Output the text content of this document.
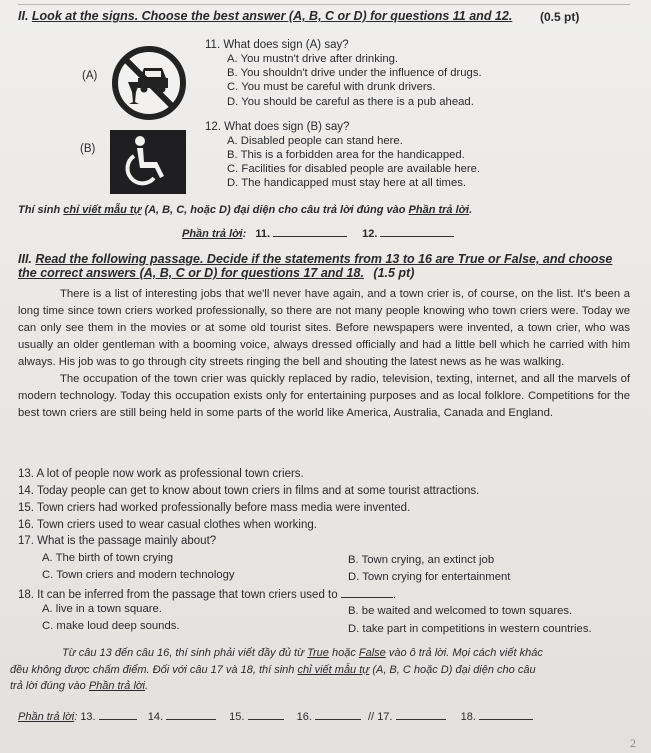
II. Look at the signs. Choose the best answer (A, B, C or D) for questions 11 and 12. (0.5 pt)
(A)
11. What does sign (A) say?
A. You mustn't drive after drinking.
B. You shouldn't drive under the influence of drugs.
C. You must be careful with drunk drivers.
D. You should be careful as there is a pub ahead.
(B)
12. What does sign (B) say?
A. Disabled people can stand here.
B. This is a forbidden area for the handicapped.
C. Facilities for disabled people are available here.
D. The handicapped must stay here at all times.
Thí sinh chỉ viết mẫu tự (A, B, C, hoặc D) đại diện cho câu trả lời đúng vào Phần trả lời.
Phần trả lời: 11.	12.
III. Read the following passage. Decide if the statements from 13 to 16 are True or False, and choose
the correct answers (A, B, C or D) for questions 17 and 18. (1.5 pt)

There is a list of interesting jobs that we'll never have again, and a town crier is, of course, on the list. It's been a long time since town criers worked professionally, so there are not many people knowing who town criers were. Today we can only see them in the movies or at some old tourist sites. Before newspapers were invented, a town crier, who was usually an older gentleman with a booming voice, always dressed officially and had a little bell which he carried with him always. His job was to go through city streets ringing the bell and shouting the latest news as he was walking.

The occupation of the town crier was quickly replaced by radio, television, texting, internet, and all the marvels of modern technology. Today this occupation exists only for entertaining purposes and as local folklore. Competitions for the best town criers are still being held in some parts of the world like America, Australia, Canada and England.

13. A lot of people now work as professional town criers.
14. Today people can get to know about town criers in films and at some tourist attractions.
15. Town criers had worked professionally before mass media were invented.
16. Town criers used to wear casual clothes when working.
17. What is the passage mainly about?
A. The birth of town crying	B. Town crying, an extinct job
C. Town criers and modern technology	D. Town crying for entertainment
18. It can be inferred from the passage that town criers used to	.
A. live in a town square.	B. be waited and welcomed to town squares.
C. make loud deep sounds.	D. take part in competitions in western countries.
Từ câu 13 đến câu 16, thí sinh phải viết đầy đủ từ True hoặc False vào ô trả lời. Mọi cách viết khác
đều không được chấm điểm. Đối với câu 17 và 18, thí sinh chỉ viết mẫu tự (A, B, C hoặc D) đại diện cho câu
trả lời đúng vào Phần trả lời.
Phần trả lời: 13.	14.	15.	16.	// 17.	18.
2
